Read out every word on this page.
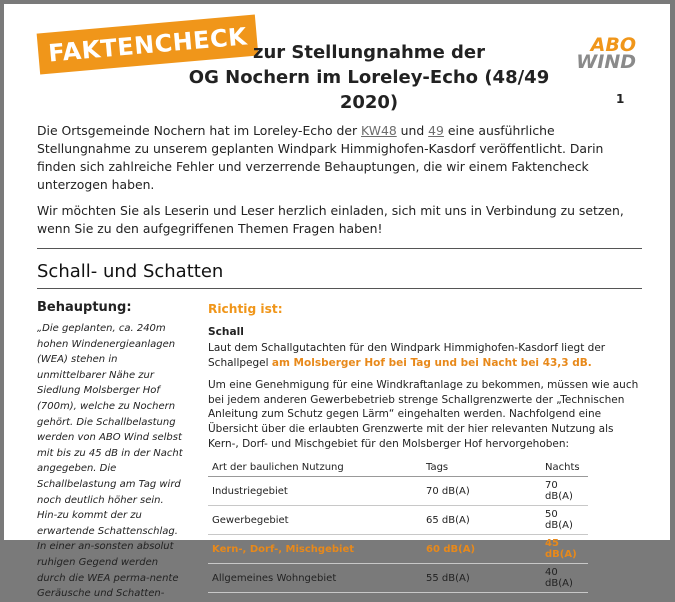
FAKTENCHECK zur Stellungnahme der
OG Nochern im Loreley-Echo (48/49 2020)
ABO
WIND
1

Die Ortsgemeinde Nochern hat im Loreley-Echo der KW48 und 49 eine ausführliche Stellungnahme zu unserem geplanten Windpark Himmighofen-Kasdorf veröffentlicht. Darin finden sich zahlreiche Fehler und verzerrende Behauptungen, die wir einem Faktencheck unterzogen haben.

Wir möchten Sie als Leserin und Leser herzlich einladen, sich mit uns in Verbindung zu setzen, wenn Sie zu den aufgegriffenen Themen Fragen haben!

Schall- und Schatten
Behauptung:
„Die geplanten, ca. 240m hohen Windenergieanlagen (WEA) stehen in unmittelbarer Nähe zur Siedlung Molsberger Hof (700m), welche zu Nochern gehört. Die Schallbelastung werden von ABO Wind selbst mit bis zu 45 dB in der Nacht angegeben. Die Schallbelastung am Tag wird noch deutlich höher sein. Hin-zu kommt der zu erwartende Schattenschlag. In einer an-sonsten absolut ruhigen Gegend werden durch die WEA perma-nente Geräusche und Schatten-
Richtig ist:
Schall

Laut dem Schallgutachten für den Windpark Himmighofen-Kasdorf liegt der Schallpegel am Molsberger Hof bei Tag und bei Nacht bei 43,3 dB.

Um eine Genehmigung für eine Windkraftanlage zu bekommen, müssen wie auch bei jedem anderen Gewerbebetrieb strenge Schallgrenzwerte der „Technischen Anleitung zum Schutz gegen Lärm“ eingehalten werden. Nachfolgend eine Übersicht über die erlaubten Grenzwerte mit der hier relevanten Nutzung als Kern-, Dorf- und Mischgebiet für den Molsberger Hof hervorgehoben:

Art der baulichen Nutzung	Tags	Nachts
Industriegebiet	70 dB(A)	70 dB(A)
Gewerbegebiet	65 dB(A)	50 dB(A)
Kern-, Dorf-, Mischgebiet	60 dB(A)	45 dB(A)
Allgemeines Wohngebiet	55 dB(A)	40 dB(A)
